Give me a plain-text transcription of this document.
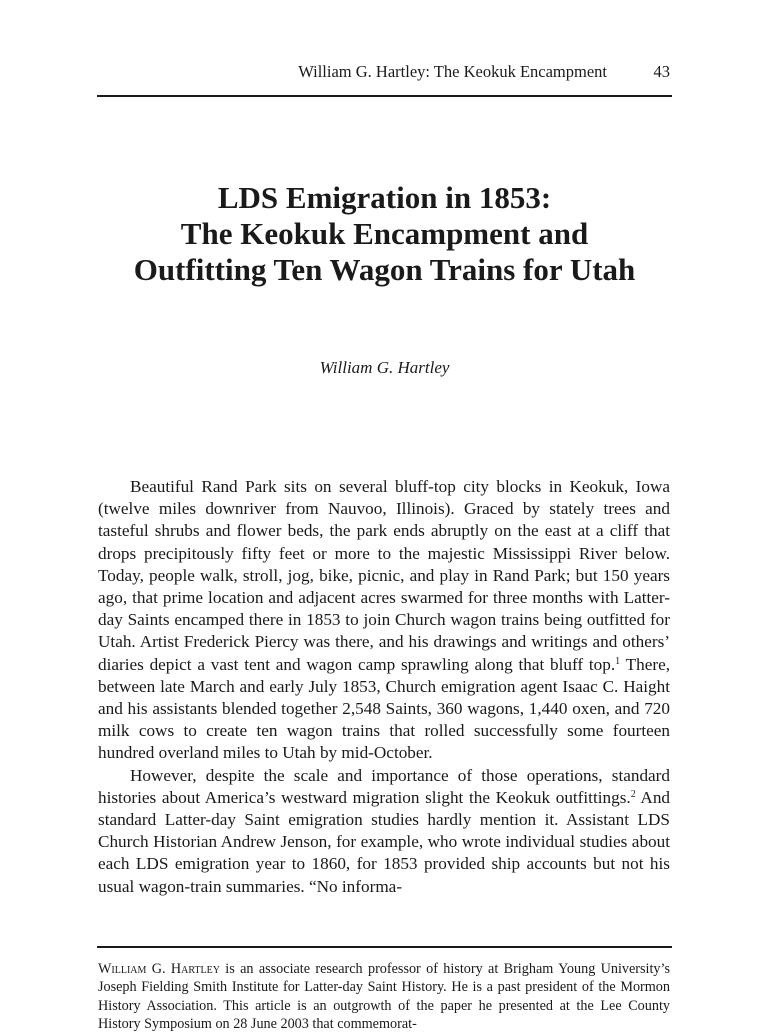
William G. Hartley: The Keokuk Encampment	43
LDS Emigration in 1853:
The Keokuk Encampment and
Outfitting Ten Wagon Trains for Utah
William G. Hartley

Beautiful Rand Park sits on several bluff-top city blocks in Keokuk, Iowa (twelve miles downriver from Nauvoo, Illinois). Graced by stately trees and tasteful shrubs and flower beds, the park ends abruptly on the east at a cliff that drops precipitously fifty feet or more to the majestic Mississippi River below. Today, people walk, stroll, jog, bike, picnic, and play in Rand Park; but 150 years ago, that prime location and adjacent acres swarmed for three months with Latter-day Saints encamped there in 1853 to join Church wagon trains being outfitted for Utah. Artist Frederick Piercy was there, and his drawings and writings and others’ diaries depict a vast tent and wagon camp sprawling along that bluff top.$^1$ There, between late March and early July 1853, Church emigration agent Isaac C. Haight and his assistants blended together 2,548 Saints, 360 wagons, 1,440 oxen, and 720 milk cows to create ten wagon trains that rolled successfully some fourteen hundred overland miles to Utah by mid-October.

However, despite the scale and importance of those operations, standard histories about America’s westward migration slight the Keokuk outfittings.$^2$ And standard Latter-day Saint emigration studies hardly mention it. Assistant LDS Church Historian Andrew Jenson, for example, who wrote individual studies about each LDS emigration year to 1860, for 1853 provided ship accounts but not his usual wagon-train summaries. “No informa-

William G. Hartley is an associate research professor of history at Brigham Young University’s Joseph Fielding Smith Institute for Latter-day Saint History. He is a past president of the Mormon History Association. This article is an outgrowth of the paper he presented at the Lee County History Symposium on 28 June 2003 that commemorat-
